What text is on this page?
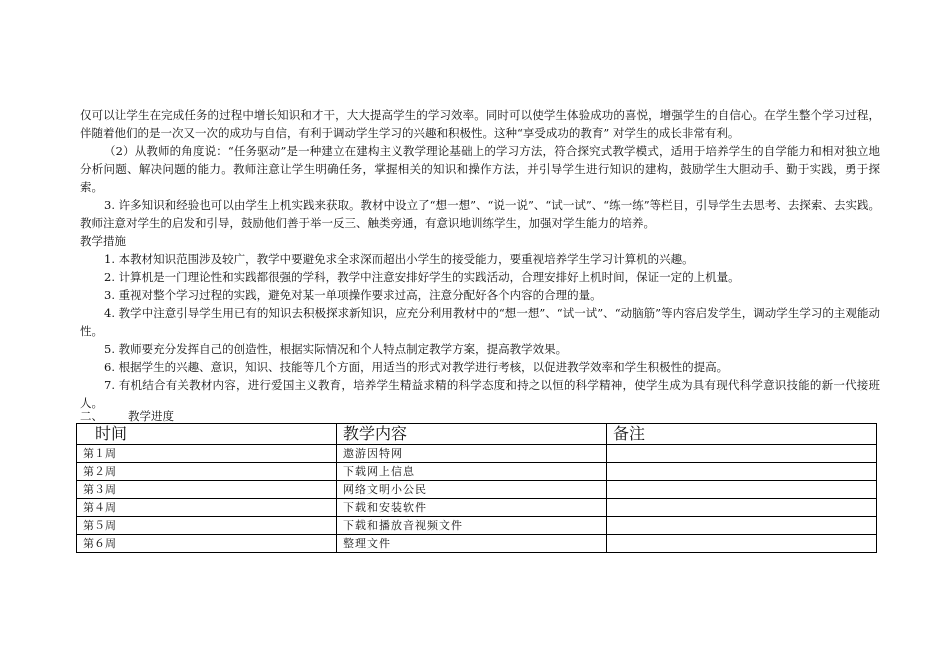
仅可以让学生在完成任务的过程中增长知识和才干，大大提高学生的学习效率。同时可以使学生体验成功的喜悦，增强学生的自信心。在学生整个学习过程，伴随着他们的是一次又一次的成功与自信，有利于调动学生学习的兴趣和积极性。这种“享受成功的教育” 对学生的成长非常有利。

（2）从教师的角度说：“任务驱动”是一种建立在建构主义教学理论基础上的学习方法，符合探究式教学模式，适用于培养学生的自学能力和相对独立地分析问题、解决问题的能力。教师注意让学生明确任务，掌握相关的知识和操作方法，并引导学生进行知识的建构，鼓励学生大胆动手、勤于实践，勇于探索。

3. 许多知识和经验也可以由学生上机实践来获取。教材中设立了“想一想”、“说一说”、“试一试”、“练一练”等栏目，引导学生去思考、去探索、去实践。教师注意对学生的启发和引导，鼓励他们善于举一反三、触类旁通，有意识地训练学生，加强对学生能力的培养。

教学措施

1. 本教材知识范围涉及较广，教学中要避免求全求深而超出小学生的接受能力，要重视培养学生学习计算机的兴趣。

2. 计算机是一门理论性和实践都很强的学科，教学中注意安排好学生的实践活动，合理安排好上机时间，保证一定的上机量。

3. 重视对整个学习过程的实践，避免对某一单项操作要求过高，注意分配好各个内容的合理的量。

4. 教学中注意引导学生用已有的知识去积极探求新知识，应充分利用教材中的“想一想”、“试一试”、“动脑筋”等内容启发学生，调动学生学习的主观能动性。

5. 教师要充分发挥自己的创造性，根据实际情况和个人特点制定教学方案，提高教学效果。

6. 根据学生的兴趣、意识，知识、技能等几个方面，用适当的形式对教学进行考核，以促进教学效率和学生积极性的提高。

7. 有机结合有关教材内容，进行爱国主义教育，培养学生精益求精的科学态度和持之以恒的科学精神，使学生成为具有现代科学意识技能的新一代接班人。

二、 教学进度
时间	教学内容	备注
第１周	遨游因特网	
第２周	下载网上信息	
第３周	网络文明小公民	
第４周	下载和安装软件	
第５周	下载和播放音视频文件	
第６周	整理文件	
